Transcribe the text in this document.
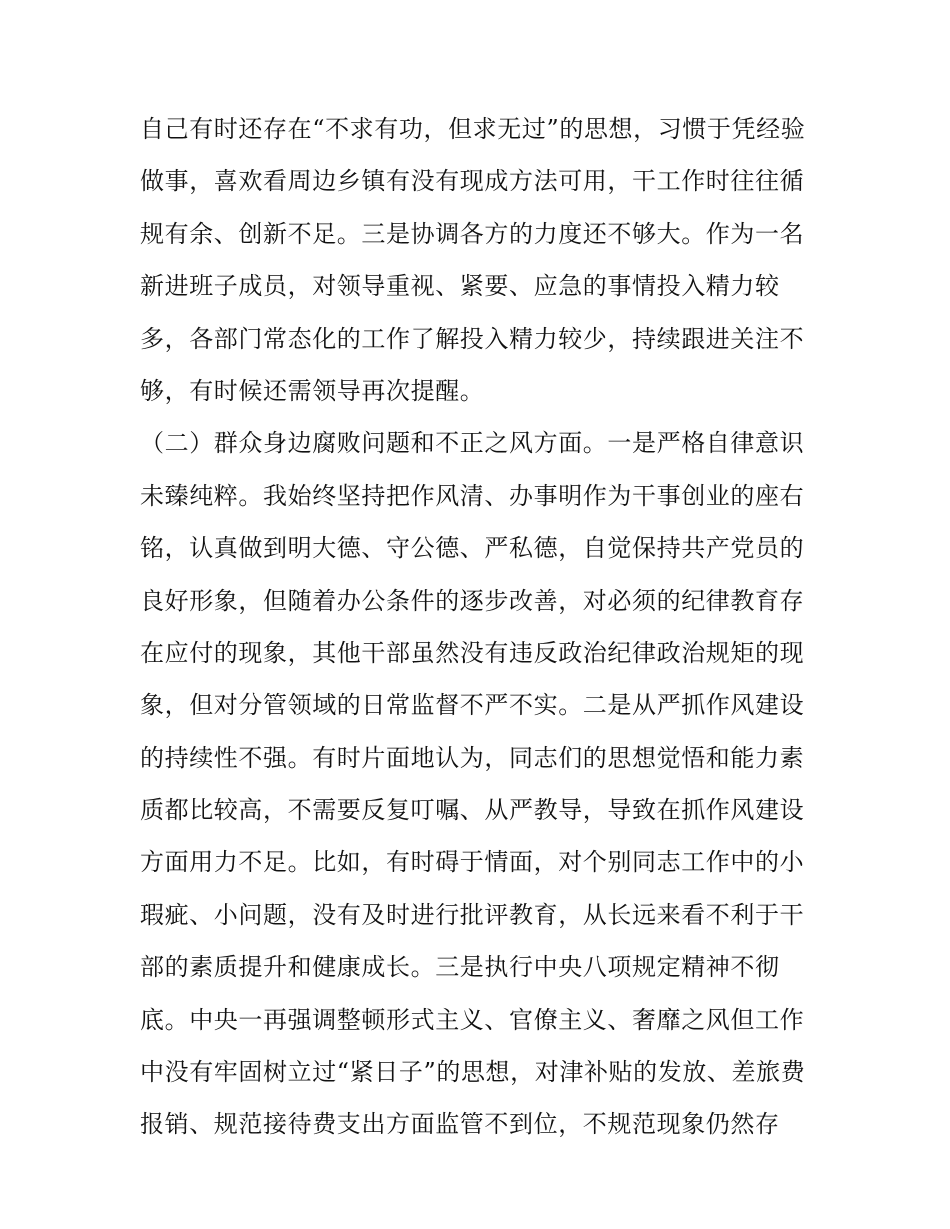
自己有时还存在“不求有功，但求无过”的思想，习惯于凭经验
做事，喜欢看周边乡镇有没有现成方法可用，干工作时往往循
规有余、创新不足。三是协调各方的力度还不够大。作为一名
新进班子成员，对领导重视、紧要、应急的事情投入精力较
多，各部门常态化的工作了解投入精力较少，持续跟进关注不
够，有时候还需领导再次提醒。
（二）群众身边腐败问题和不正之风方面。一是严格自律意识
未臻纯粹。我始终坚持把作风清、办事明作为干事创业的座右
铭，认真做到明大德、守公德、严私德，自觉保持共产党员的
良好形象，但随着办公条件的逐步改善，对必须的纪律教育存
在应付的现象，其他干部虽然没有违反政治纪律政治规矩的现
象，但对分管领域的日常监督不严不实。二是从严抓作风建设
的持续性不强。有时片面地认为，同志们的思想觉悟和能力素
质都比较高，不需要反复叮嘱、从严教导，导致在抓作风建设
方面用力不足。比如，有时碍于情面，对个别同志工作中的小
瑕疵、小问题，没有及时进行批评教育，从长远来看不利于干
部的素质提升和健康成长。三是执行中央八项规定精神不彻
底。中央一再强调整顿形式主义、官僚主义、奢靡之风但工作
中没有牢固树立过“紧日子”的思想，对津补贴的发放、差旅费
报销、规范接待费支出方面监管不到位，不规范现象仍然存
